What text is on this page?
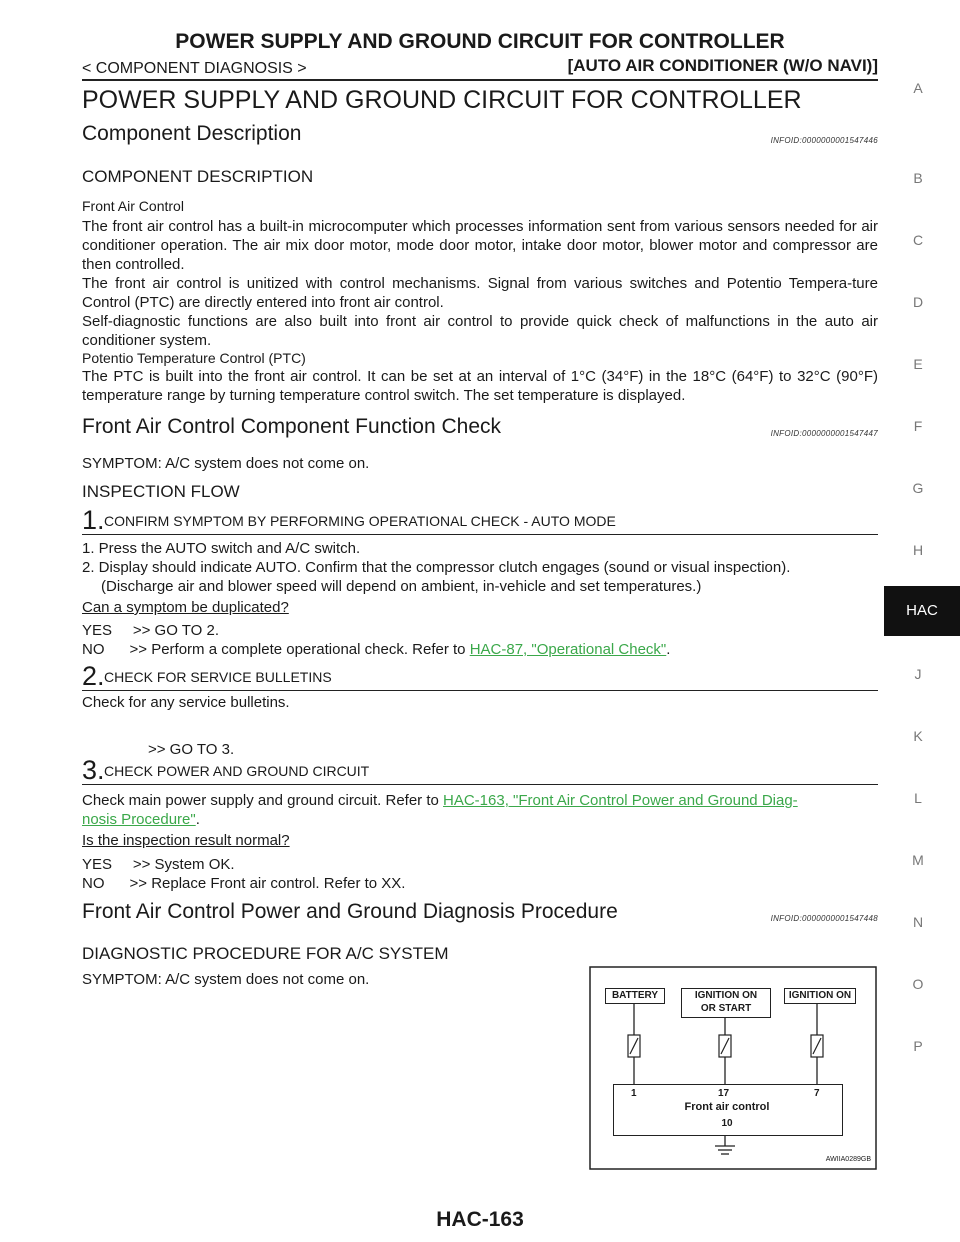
POWER SUPPLY AND GROUND CIRCUIT FOR CONTROLLER
< COMPONENT DIAGNOSIS >	[AUTO AIR CONDITIONER (W/O NAVI)]
POWER SUPPLY AND GROUND CIRCUIT FOR CONTROLLER
Component Description	INFOID:0000000001547446
COMPONENT DESCRIPTION
Front Air Control
The front air control has a built-in microcomputer which processes information sent from various sensors needed for air conditioner operation. The air mix door motor, mode door motor, intake door motor, blower motor and compressor are then controlled.
The front air control is unitized with control mechanisms. Signal from various switches and Potentio Tempera-ture Control (PTC) are directly entered into front air control.
Self-diagnostic functions are also built into front air control to provide quick check of malfunctions in the auto air conditioner system.
Potentio Temperature Control (PTC)
The PTC is built into the front air control. It can be set at an interval of 1°C (34°F) in the 18°C (64°F) to 32°C (90°F) temperature range by turning temperature control switch. The set temperature is displayed.
Front Air Control Component Function Check	INFOID:0000000001547447
SYMPTOM: A/C system does not come on.
INSPECTION FLOW
1. CONFIRM SYMPTOM BY PERFORMING OPERATIONAL CHECK - AUTO MODE
1. Press the AUTO switch and A/C switch.
2. Display should indicate AUTO. Confirm that the compressor clutch engages (sound or visual inspection).
(Discharge air and blower speed will depend on ambient, in-vehicle and set temperatures.)
Can a symptom be duplicated?
YES     >> GO TO 2.
NO      >> Perform a complete operational check. Refer to HAC-87, "Operational Check".
2. CHECK FOR SERVICE BULLETINS
Check for any service bulletins.
>> GO TO 3.
3. CHECK POWER AND GROUND CIRCUIT
Check main power supply and ground circuit. Refer to HAC-163, "Front Air Control Power and Ground Diag-
nosis Procedure".
Is the inspection result normal?
YES     >> System OK.
NO      >> Replace Front air control. Refer to XX.
Front Air Control Power and Ground Diagnosis Procedure	INFOID:0000000001547448
DIAGNOSTIC PROCEDURE FOR A/C SYSTEM
SYMPTOM: A/C system does not come on.
BATTERY	IGNITION ON
OR START
IGNITION ON
1	17	7
Front air control
10
AWIIA0289GB
A
B
C
D
E
F
G
H
HAC
J
K
L
M
N
O
P
HAC-163
